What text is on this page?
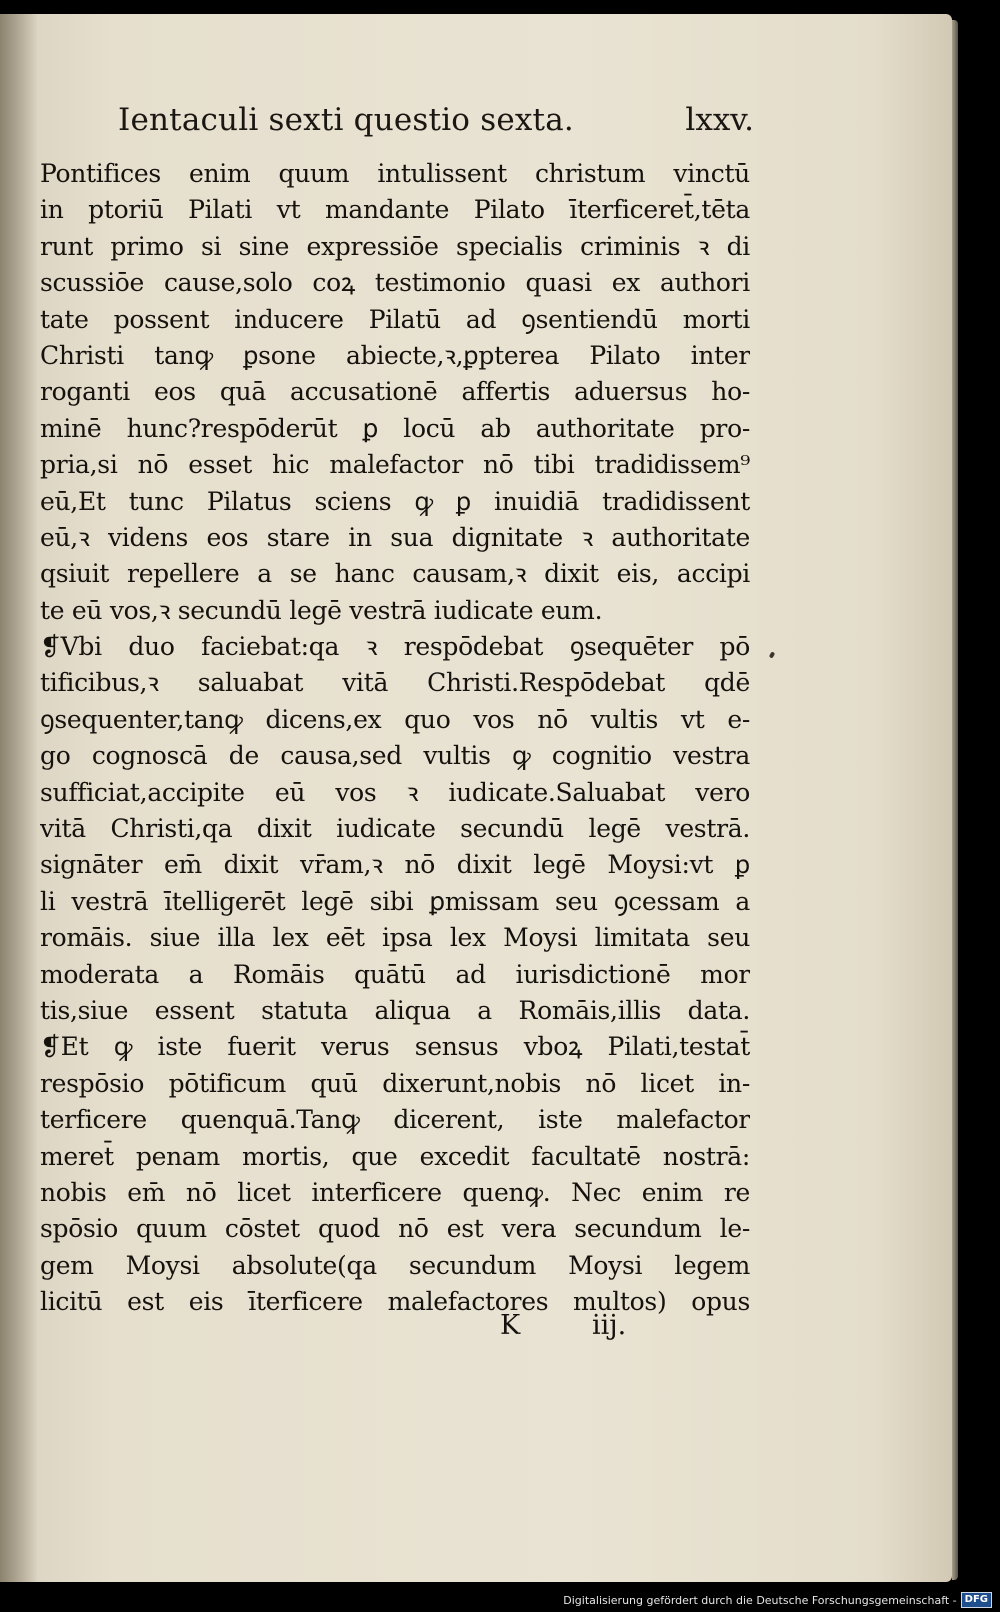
Ientaculi sexti questio sexta.	lxxv.
Pontifices enim quum intulissent christum vinctū
in ptoriū Pilati vt mandante Pilato īterficeret̄,tēta
runt primo si sine expressiōe specialis criminis ꝛ di
scussiōe cause,solo coꝝ testimonio quasi ex authori
tate possent inducere Pilatū ad ꝯsentiendū morti
Christi tanꝙ ꝑsone abiecte,ꝛ,ꝑpterea Pilato inter
roganti eos quā accusationē affertis aduersus ho-
minē hunc?respōderūt ꝑ locū ab authoritate pro-
pria,si nō esset hic malefactor nō tibi tradidissem⁹
eū,Et tunc Pilatus sciens ꝙ ꝑ inuidiā tradidissent
eū,ꝛ videns eos stare in sua dignitate ꝛ authoritate
qsiuit repellere a se hanc causam,ꝛ dixit eis, accipi
te eū vos,ꝛ secundū legē vestrā iudicate eum.
❡Vbi duo faciebat:qa ꝛ respōdebat ꝯsequēter pō
tificibus,ꝛ saluabat vitā Christi.Respōdebat qdē
ꝯsequenter,tanꝙ dicens,ex quo vos nō vultis vt e-
go cognoscā de causa,sed vultis ꝙ cognitio vestra
sufficiat,accipite eū vos ꝛ iudicate.Saluabat vero
vitā Christi,qa dixit iudicate secundū legē vestrā.
signāter em̄ dixit vr̄am,ꝛ nō dixit legē Moysi:vt ꝑ
li vestrā ītelligerēt legē sibi ꝑmissam seu ꝯcessam a
romāis. siue illa lex eēt ipsa lex Moysi limitata seu
moderata a Romāis quātū ad iurisdictionē mor
tis,siue essent statuta aliqua a Romāis,illis data.
❡Et ꝙ iste fuerit verus sensus vboꝝ Pilati,testat̄
respōsio pōtificum quū dixerunt,nobis nō licet in-
terficere quenquā.Tanꝙ dicerent, iste malefactor
meret̄ penam mortis, que excedit facultatē nostrā:
nobis em̄ nō licet interficere quenꝙ. Nec enim re
spōsio quum cōstet quod nō est vera secundum le-
gem Moysi absolute(qa secundum Moysi legem
licitū est eis īterficere malefactores multos) opus
K	iij.
Digitalisierung gefördert durch die Deutsche Forschungsgemeinschaft - DFG
